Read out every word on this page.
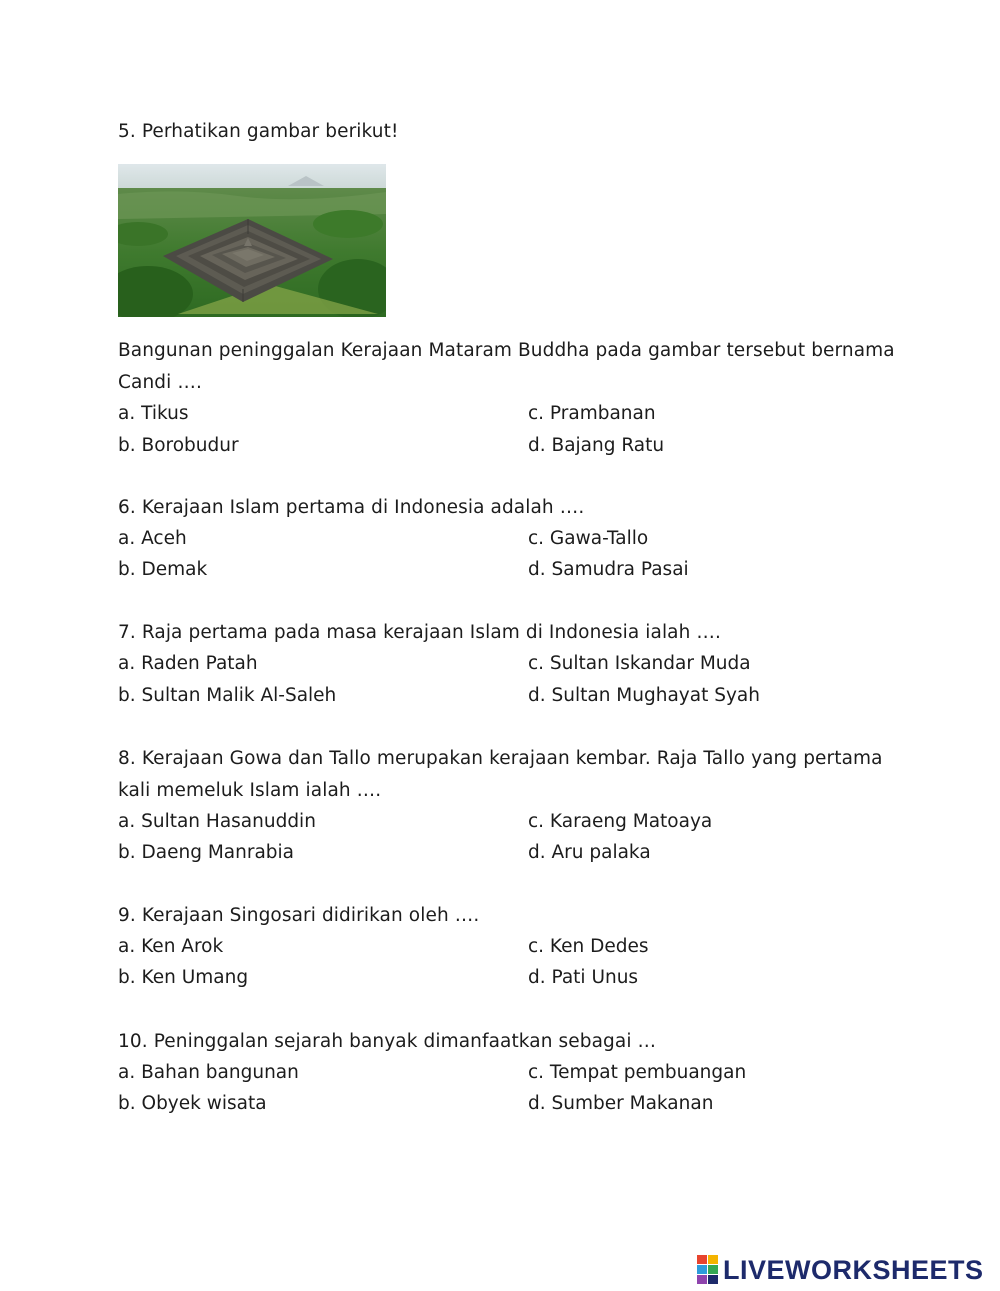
5. Perhatikan gambar berikut!
Bangunan peninggalan Kerajaan Mataram Buddha pada gambar tersebut bernama
Candi ….
a. Tikus	c. Prambanan
b. Borobudur	d. Bajang Ratu
6. Kerajaan Islam pertama di Indonesia adalah ….
a. Aceh	c. Gawa-Tallo
b. Demak	d. Samudra Pasai
7. Raja pertama pada masa kerajaan Islam di Indonesia ialah ….
a. Raden Patah	c. Sultan Iskandar Muda
b. Sultan Malik Al-Saleh	d. Sultan Mughayat Syah
8. Kerajaan Gowa dan Tallo merupakan kerajaan kembar. Raja Tallo yang pertama
kali memeluk Islam ialah ….
a. Sultan Hasanuddin	c. Karaeng Matoaya
b. Daeng Manrabia	d. Aru palaka
9. Kerajaan Singosari didirikan oleh ….
a. Ken Arok	c. Ken Dedes
b. Ken Umang	d. Pati Unus
10. Peninggalan sejarah banyak dimanfaatkan sebagai …
a. Bahan bangunan	c. Tempat pembuangan
b. Obyek wisata	d. Sumber Makanan
LIVEWORKSHEETS
